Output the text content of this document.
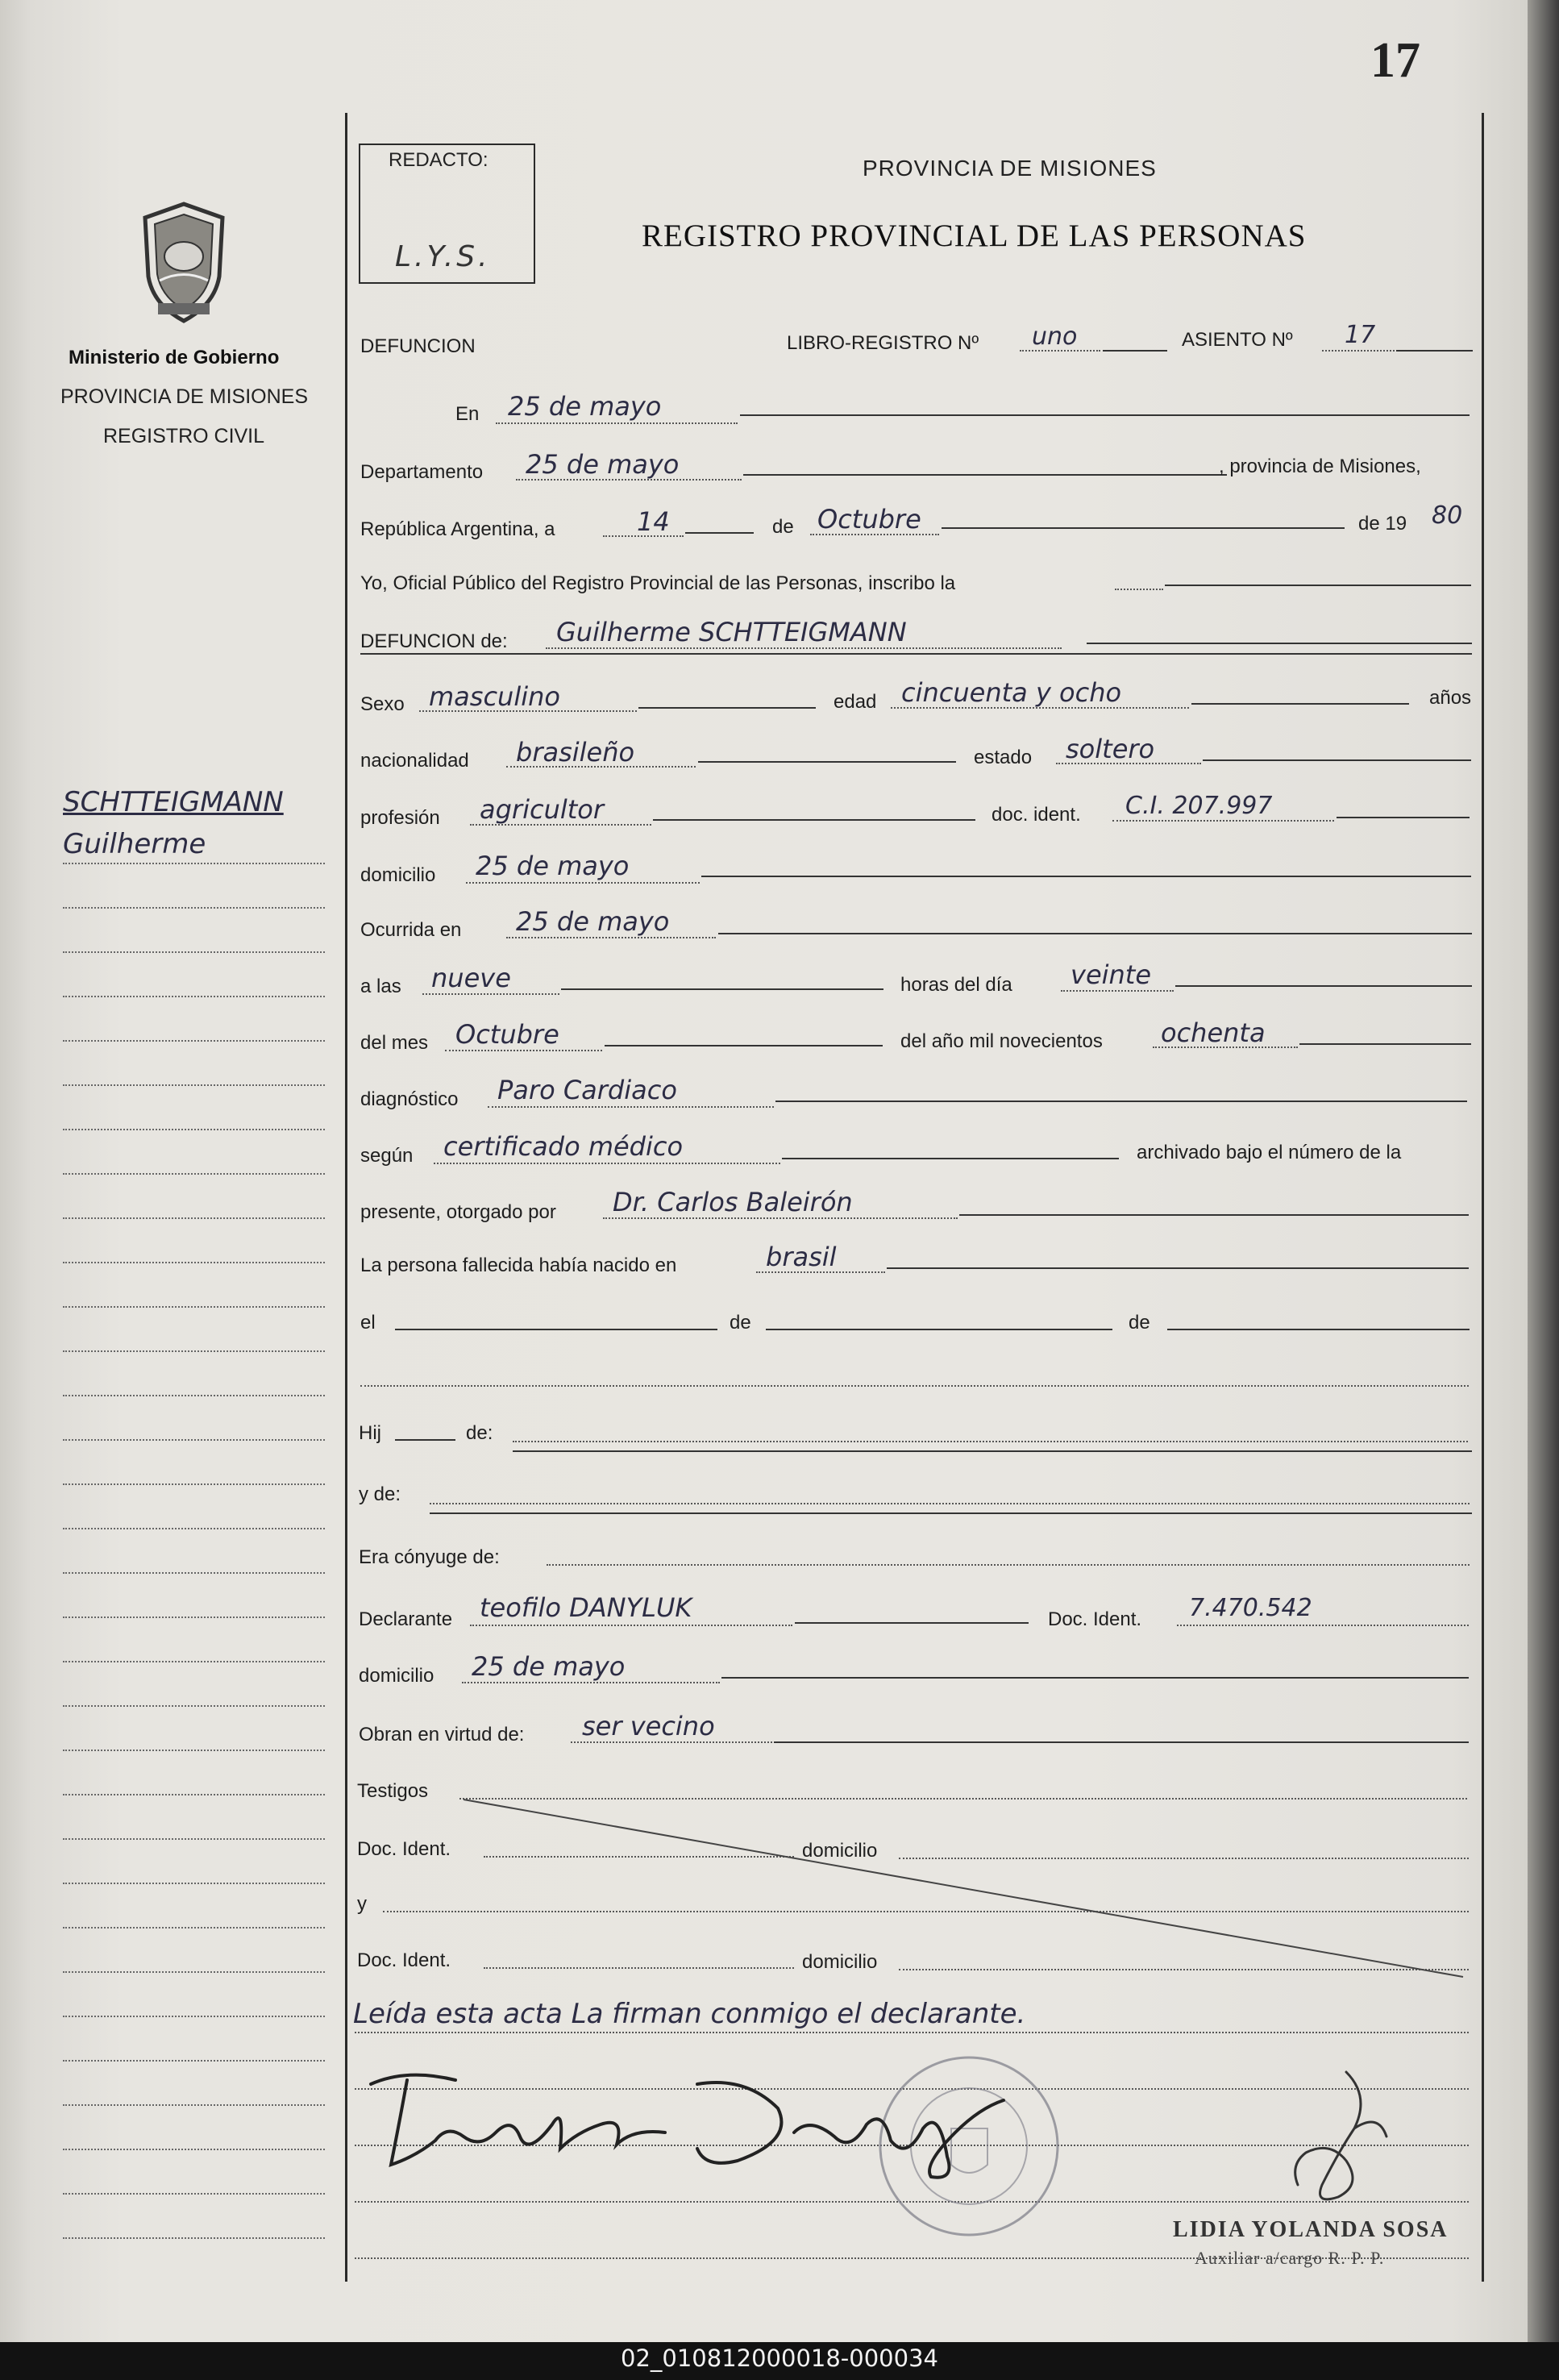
02_010812000018-000034
17
REDACTO:
L.Y.S.
PROVINCIA DE MISIONES
REGISTRO PROVINCIAL DE LAS PERSONAS
Ministerio de Gobierno
PROVINCIA DE MISIONES
REGISTRO CIVIL
SCHTTEIGMANN
Guilherme
DEFUNCION	LIBRO-REGISTRO Nº uno	ASIENTO Nº 17
En 25 de mayo
Departamento 25 de mayo	, provincia de Misiones,
República Argentina, a	14	de Octubre	de 19 80
Yo, Oficial Público del Registro Provincial de las Personas, inscribo la
DEFUNCION de: Guilherme SCHTTEIGMANN
Sexo masculino	edad cincuenta y ocho	años
nacionalidad brasileño	estado soltero
profesión agricultor	doc. ident. C.I. 207.997
domicilio 25 de mayo
Ocurrida en 25 de mayo
a las nueve	horas del día veinte
del mes Octubre	del año mil novecientos ochenta
diagnóstico Paro Cardiaco
según certificado médico	archivado bajo el número de la
presente, otorgado por Dr. Carlos Baleirón
La persona fallecida había nacido en	brasil
el	de	de
Hij	de:
y de:
Era cónyuge de:
Declarante teofilo DANYLUK	Doc. Ident. 7.470.542
domicilio 25 de mayo
Obran en virtud de: ser vecino
Testigos
Doc. Ident.	domicilio
y
Doc. Ident.	domicilio
Leída esta acta La firman conmigo el declarante.
LIDIA YOLANDA SOSA
Auxiliar a/cargo R. P. P.
